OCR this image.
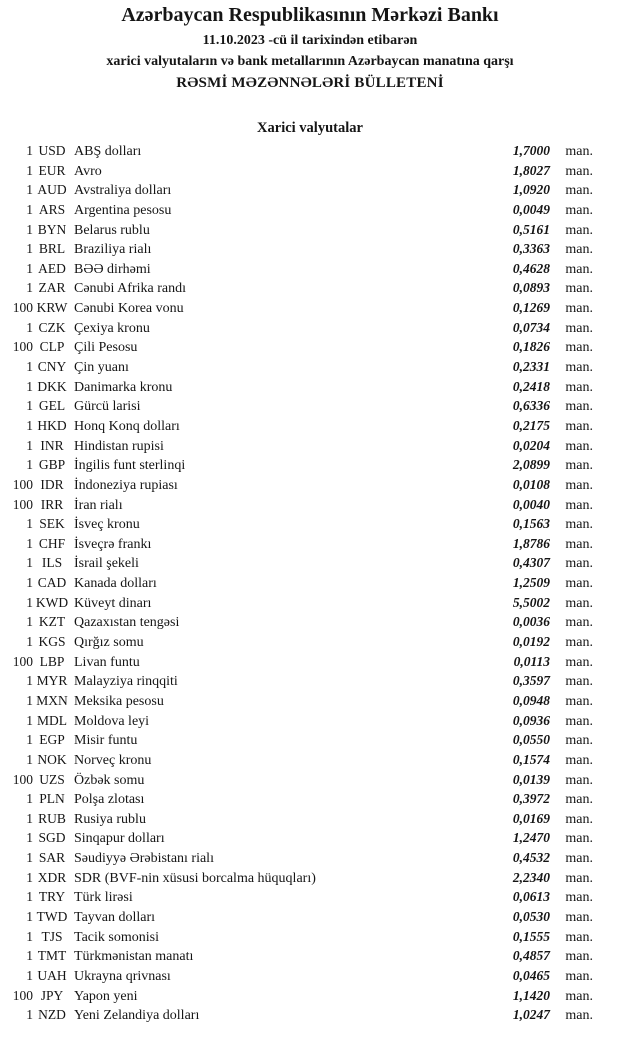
Azərbaycan Respublikasının Mərkəzi Bankı
11.10.2023 -cü il tarixindən etibarən
xarici valyutaların və bank metallarının Azərbaycan manatına qarşı
RƏSMİ MƏZƏNNƏLƏRİ BÜLLETENİ
Xarici valyutalar
1 USD ABŞ dolları	1,7000	man.
1 EUR Avro	1,8027	man.
1 AUD Avstraliya dolları	1,0920	man.
1 ARS Argentina pesosu	0,0049	man.
1 BYN Belarus rublu	0,5161	man.
1 BRL Braziliya rialı	0,3363	man.
1 AED BƏƏ dirhəmi	0,4628	man.
1 ZAR Cənubi Afrika randı	0,0893	man.
100 KRW Cənubi Korea vonu	0,1269	man.
1 CZK Çexiya kronu	0,0734	man.
100 CLP Çili Pesosu	0,1826	man.
1 CNY Çin yuanı	0,2331	man.
1 DKK Danimarka kronu	0,2418	man.
1 GEL Gürcü larisi	0,6336	man.
1 HKD Honq Konq dolları	0,2175	man.
1 INR Hindistan rupisi	0,0204	man.
1 GBP İngilis funt sterlinqi	2,0899	man.
100 IDR İndoneziya rupiası	0,0108	man.
100 IRR İran rialı	0,0040	man.
1 SEK İsveç kronu	0,1563	man.
1 CHF İsveçrə frankı	1,8786	man.
1 ILS İsrail şekeli	0,4307	man.
1 CAD Kanada dolları	1,2509	man.
1 KWD Küveyt dinarı	5,5002	man.
1 KZT Qazaxıstan tengəsi	0,0036	man.
1 KGS Qırğız somu	0,0192	man.
100 LBP Livan funtu	0,0113	man.
1 MYR Malayziya rinqqiti	0,3597	man.
1 MXN Meksika pesosu	0,0948	man.
1 MDL Moldova leyi	0,0936	man.
1 EGP Misir funtu	0,0550	man.
1 NOK Norveç kronu	0,1574	man.
100 UZS Özbək somu	0,0139	man.
1 PLN Polşa zlotası	0,3972	man.
1 RUB Rusiya rublu	0,0169	man.
1 SGD Sinqapur dolları	1,2470	man.
1 SAR Səudiyyə Ərəbistanı rialı	0,4532	man.
1 XDR SDR (BVF-nin xüsusi borcalma hüquqları)	2,2340	man.
1 TRY Türk lirəsi	0,0613	man.
1 TWD Tayvan dolları	0,0530	man.
1 TJS Tacik somonisi	0,1555	man.
1 TMT Türkmənistan manatı	0,4857	man.
1 UAH Ukrayna qrivnası	0,0465	man.
100 JPY Yapon yeni	1,1420	man.
1 NZD Yeni Zelandiya dolları	1,0247	man.
